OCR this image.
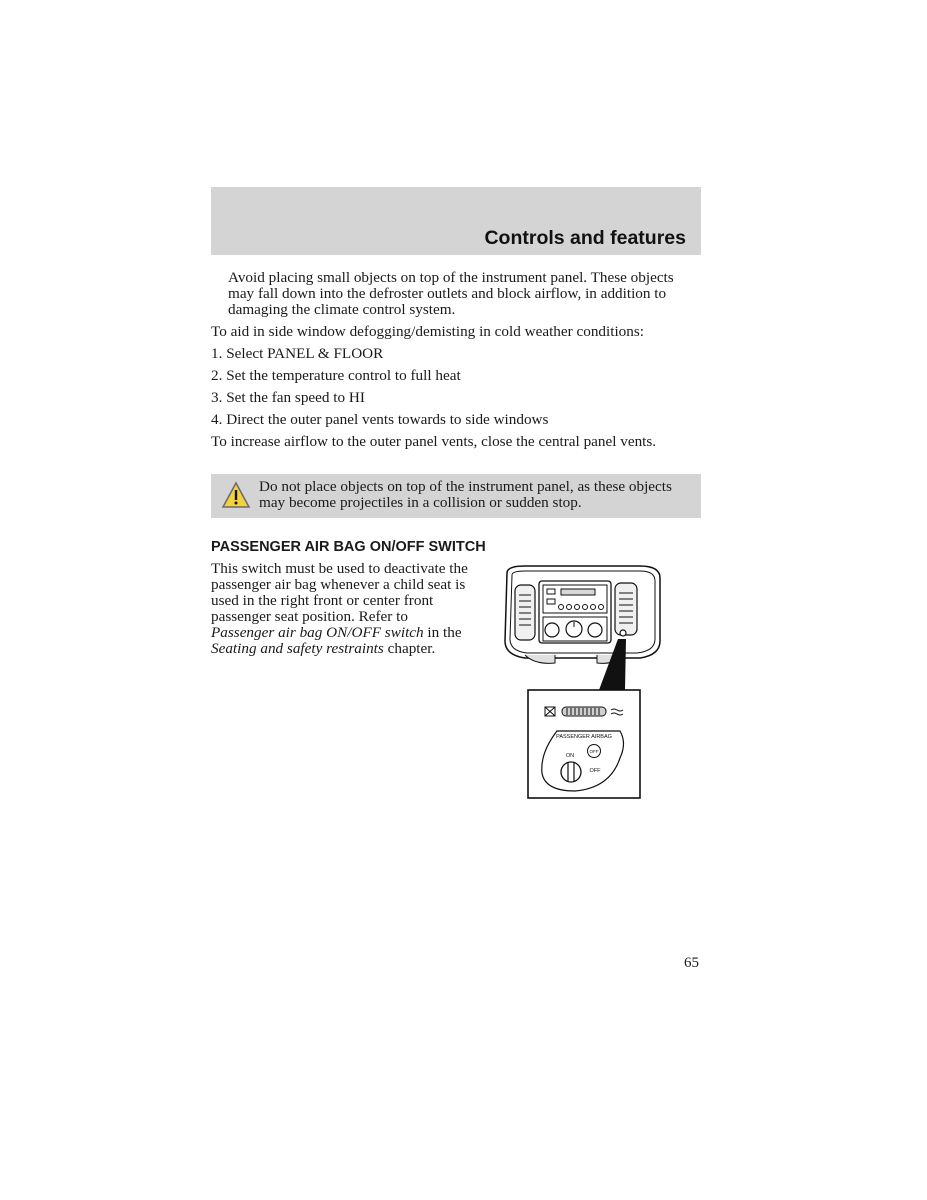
Controls and features
Avoid placing small objects on top of the instrument panel. These objects may fall down into the defroster outlets and block airflow, in addition to damaging the climate control system.
To aid in side window defogging/demisting in cold weather conditions:
1. Select PANEL & FLOOR
2. Set the temperature control to full heat
3. Set the fan speed to HI
4. Direct the outer panel vents towards to side windows
To increase airflow to the outer panel vents, close the central panel vents.
Do not place objects on top of the instrument panel, as these objects may become projectiles in a collision or sudden stop.
PASSENGER AIR BAG ON/OFF SWITCH
This switch must be used to deactivate the passenger air bag whenever a child seat is used in the right front or center front passenger seat position. Refer to Passenger air bag ON/OFF switch in the Seating and safety restraints chapter.
PASSENGER AIRBAG
OFF
ON
OFF
65
